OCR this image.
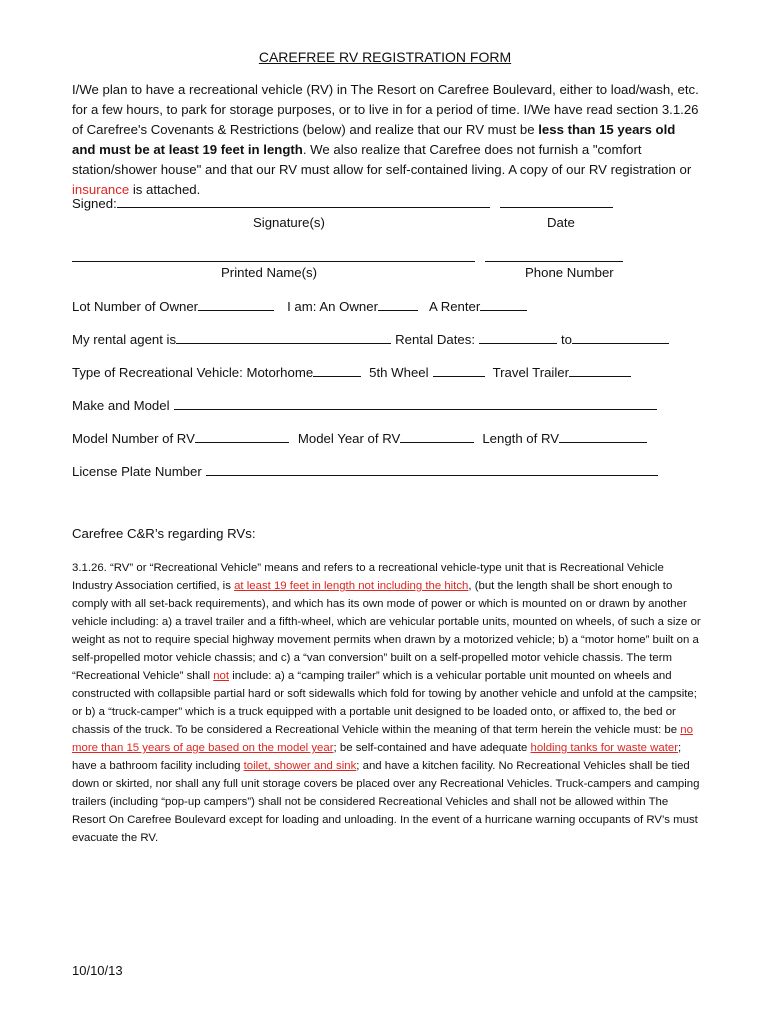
CAREFREE RV REGISTRATION FORM
I/We plan to have a recreational vehicle (RV) in The Resort on Carefree Boulevard, either to load/wash, etc. for a few hours, to park for storage purposes, or to live in for a period of time. I/We have read section 3.1.26 of Carefree's Covenants & Restrictions (below) and realize that our RV must be less than 15 years old and must be at least 19 feet in length. We also realize that Carefree does not furnish a "comfort station/shower house" and that our RV must allow for self-contained living. A copy of our RV registration or insurance is attached.
Signed:
Signature(s)	Date
Printed Name(s)	Phone Number
Lot Number of Owner	I am: An Owner	A Renter
My rental agent is	Rental Dates:	to
Type of Recreational Vehicle: Motorhome	5th Wheel	Travel Trailer
Make and Model
Model Number of RV	Model Year of RV	Length of RV
License Plate Number
Carefree C&R’s regarding RVs:
3.1.26. “RV” or “Recreational Vehicle” means and refers to a recreational vehicle-type unit that is Recreational Vehicle Industry Association certified, is at least 19 feet in length not including the hitch, (but the length shall be short enough to comply with all set-back requirements), and which has its own mode of power or which is mounted on or drawn by another vehicle including: a) a travel trailer and a fifth-wheel, which are vehicular portable units, mounted on wheels, of such a size or weight as not to require special highway movement permits when drawn by a motorized vehicle; b) a “motor home” built on a self-propelled motor vehicle chassis; and c) a “van conversion” built on a self-propelled motor vehicle chassis. The term “Recreational Vehicle” shall not include: a) a “camping trailer” which is a vehicular portable unit mounted on wheels and constructed with collapsible partial hard or soft sidewalls which fold for towing by another vehicle and unfold at the campsite; or b) a “truck-camper” which is a truck equipped with a portable unit designed to be loaded onto, or affixed to, the bed or chassis of the truck. To be considered a Recreational Vehicle within the meaning of that term herein the vehicle must: be no more than 15 years of age based on the model year; be self-contained and have adequate holding tanks for waste water; have a bathroom facility including toilet, shower and sink; and have a kitchen facility. No Recreational Vehicles shall be tied down or skirted, nor shall any full unit storage covers be placed over any Recreational Vehicles. Truck-campers and camping trailers (including “pop-up campers”) shall not be considered Recreational Vehicles and shall not be allowed within The Resort On Carefree Boulevard except for loading and unloading. In the event of a hurricane warning occupants of RV’s must evacuate the RV.
10/10/13
